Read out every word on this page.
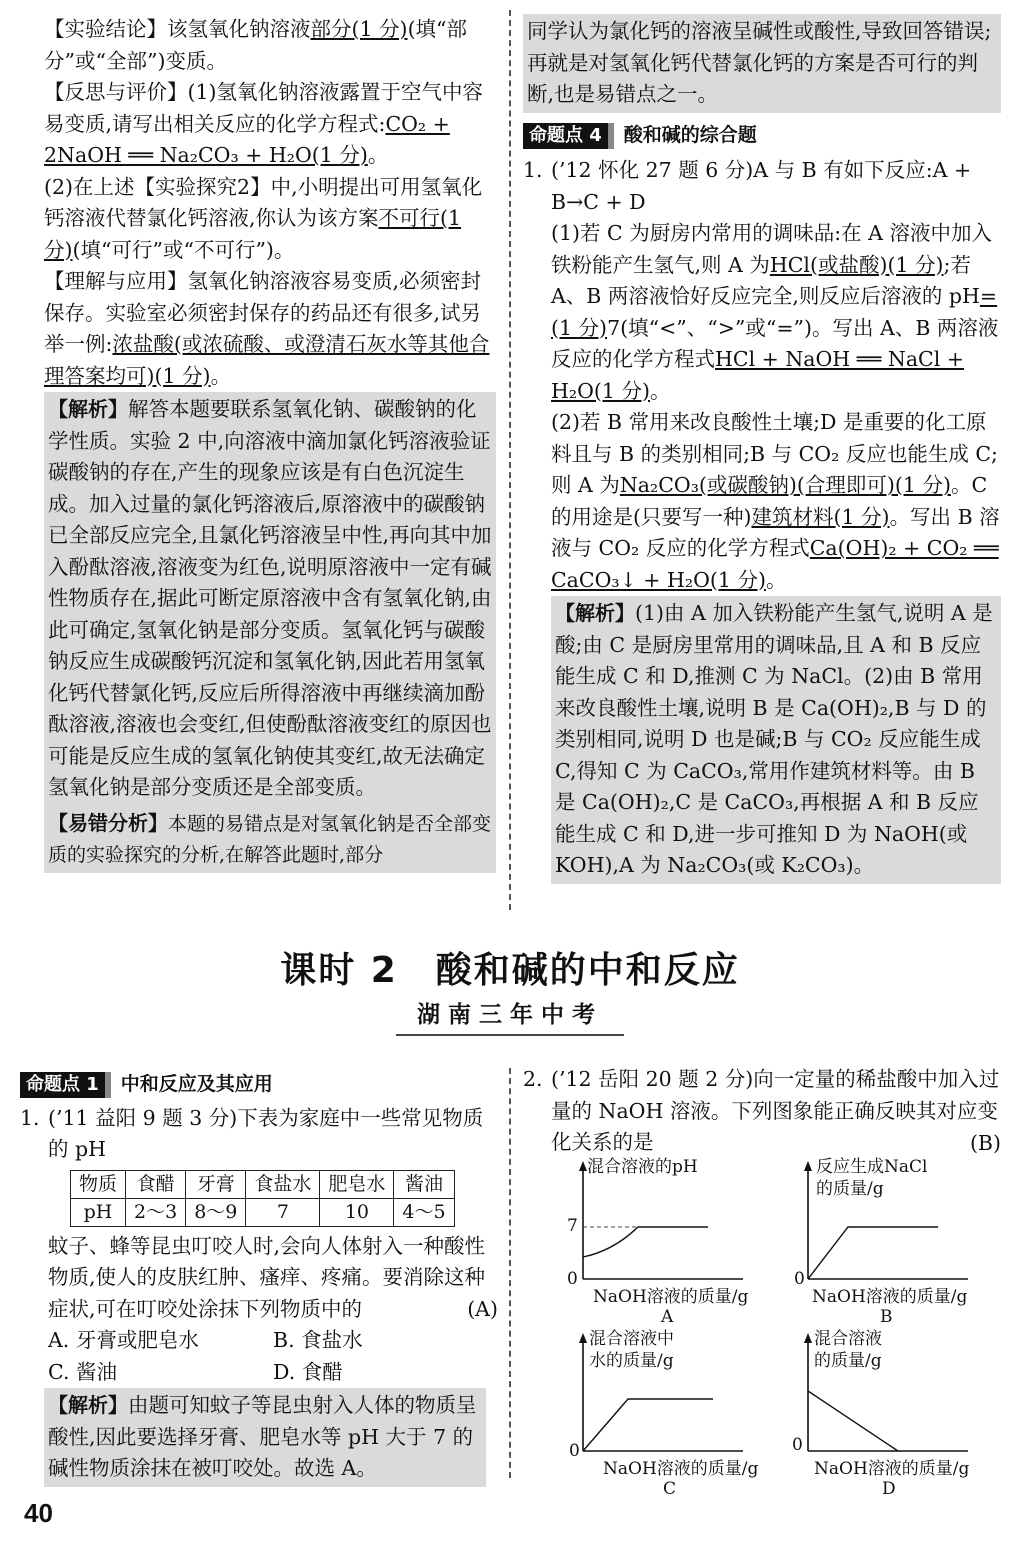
【实验结论】该氢氧化钠溶液部分(1 分)(填“部分”或“全部”)变质。

【反思与评价】(1)氢氧化钠溶液露置于空气中容易变质,请写出相关反应的化学方程式:CO₂ + 2NaOH ══ Na₂CO₃ + H₂O(1 分)。

(2)在上述【实验探究2】中,小明提出可用氢氧化钙溶液代替氯化钙溶液,你认为该方案不可行(1 分)(填“可行”或“不可行”)。

【理解与应用】氢氧化钠溶液容易变质,必须密封保存。实验室必须密封保存的药品还有很多,试另举一例:浓盐酸(或浓硫酸、或澄清石灰水等其他合理答案均可)(1 分)。

【解析】解答本题要联系氢氧化钠、碳酸钠的化学性质。实验 2 中,向溶液中滴加氯化钙溶液验证碳酸钠的存在,产生的现象应该是有白色沉淀生成。加入过量的氯化钙溶液后,原溶液中的碳酸钠已全部反应完全,且氯化钙溶液呈中性,再向其中加入酚酞溶液,溶液变为红色,说明原溶液中一定有碱性物质存在,据此可断定原溶液中含有氢氧化钠,由此可确定,氢氧化钠是部分变质。氢氧化钙与碳酸钠反应生成碳酸钙沉淀和氢氧化钠,因此若用氢氧化钙代替氯化钙,反应后所得溶液中再继续滴加酚酞溶液,溶液也会变红,但使酚酞溶液变红的原因也可能是反应生成的氢氧化钠使其变红,故无法确定氢氧化钠是部分变质还是全部变质。

【易错分析】本题的易错点是对氢氧化钠是否全部变质的实验探究的分析,在解答此题时,部分

同学认为氯化钙的溶液呈碱性或酸性,导致回答错误;再就是对氢氧化钙代替氯化钙的方案是否可行的判断,也是易错点之一。

命题点 4 酸和碱的综合题

1. (’12 怀化 27 题 6 分)A 与 B 有如下反应:A + B→C + D

(1)若 C 为厨房内常用的调味品:在 A 溶液中加入铁粉能产生氢气,则 A 为HCl(或盐酸)(1 分);若 A、B 两溶液恰好反应完全,则反应后溶液的 pH=(1 分)7(填“<”、“>”或“=”)。写出 A、B 两溶液反应的化学方程式HCl + NaOH ══ NaCl + H₂O(1 分)。

(2)若 B 常用来改良酸性土壤;D 是重要的化工原料且与 B 的类别相同;B 与 CO₂ 反应也能生成 C;则 A 为Na₂CO₃(或碳酸钠)(合理即可)(1 分)。C 的用途是(只要写一种)建筑材料(1 分)。写出 B 溶液与 CO₂ 反应的化学方程式Ca(OH)₂ + CO₂ ══ CaCO₃↓ + H₂O(1 分)。

【解析】(1)由 A 加入铁粉能产生氢气,说明 A 是酸;由 C 是厨房里常用的调味品,且 A 和 B 反应能生成 C 和 D,推测 C 为 NaCl。(2)由 B 常用来改良酸性土壤,说明 B 是 Ca(OH)₂,B 与 D 的类别相同,说明 D 也是碱;B 与 CO₂ 反应能生成 C,得知 C 为 CaCO₃,常用作建筑材料等。由 B 是 Ca(OH)₂,C 是 CaCO₃,再根据 A 和 B 反应能生成 C 和 D,进一步可推知 D 为 NaOH(或 KOH),A 为 Na₂CO₃(或 K₂CO₃)。

课时 2　酸和碱的中和反应
湖南三年中考

命题点 1 中和反应及其应用

1. (’11 益阳 9 题 3 分)下表为家庭中一些常见物质的 pH

物质	食醋	牙膏	食盐水	肥皂水	酱油
pH	2～3	8～9	7	10	4～5

蚊子、蜂等昆虫叮咬人时,会向人体射入一种酸性物质,使人的皮肤红肿、瘙痒、疼痛。要消除这种症状,可在叮咬处涂抹下列物质中的	(A)

A. 牙膏或肥皂水	B. 食盐水
C. 酱油	D. 食醋

【解析】由题可知蚊子等昆虫射入人体的物质呈酸性,因此要选择牙膏、肥皂水等 pH 大于 7 的碱性物质涂抹在被叮咬处。故选 A。

2. (’12 岳阳 20 题 2 分)向一定量的稀盐酸中加入过量的 NaOH 溶液。下列图象能正确反映其对应变化关系的是	(B)

混合溶液的pH
7
0
NaOH溶液的质量/g
A
反应生成NaCl
的质量/g
0
NaOH溶液的质量/g
B
混合溶液中
水的质量/g
0
NaOH溶液的质量/g
C
混合溶液
的质量/g
0
NaOH溶液的质量/g
D
40
